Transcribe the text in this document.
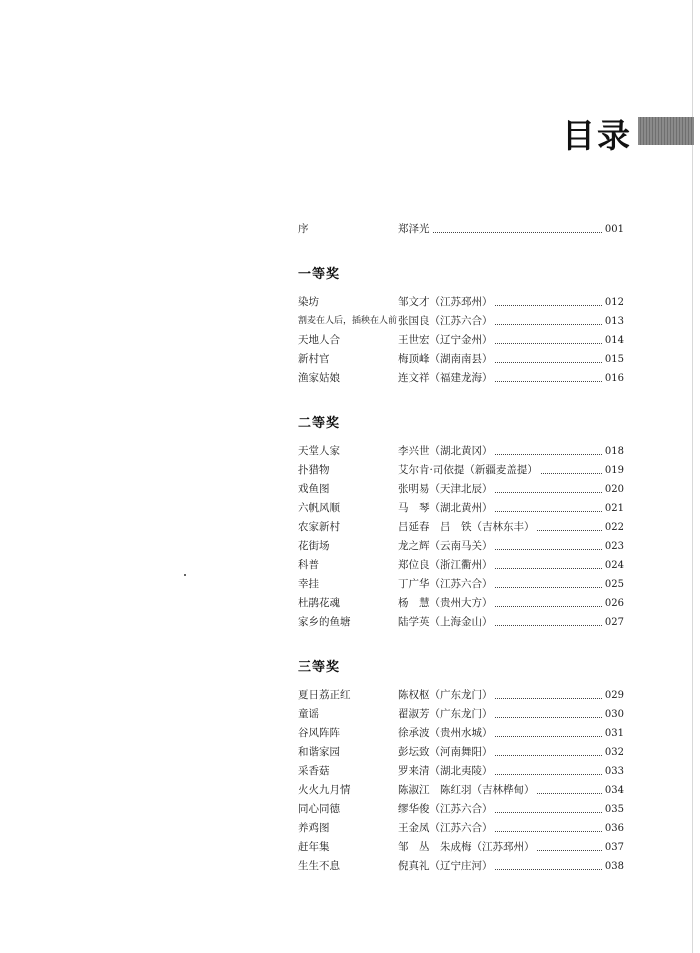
目录
序	郑泽光	001
一等奖
染坊	邹文才（江苏邳州）	012
割麦在人后，插秧在人前 张国良（江苏六合）	013
天地人合	王世宏（辽宁金州）	014
新村官	梅顶峰（湖南南县）	015
渔家姑娘	连文祥（福建龙海）	016
二等奖
天堂人家	李兴世（湖北黄冈）	018
扑猎物	艾尔肯·司依提（新疆麦盖提）	019
戏鱼图	张明易（天津北辰）	020
六帆风顺	马　琴（湖北黄州）	021
农家新村	吕延春　吕　铁（吉林东丰）	022
花街场	龙之辉（云南马关）	023
科普	郑位良（浙江衢州）	024
幸挂	丁广华（江苏六合）	025
杜鹃花魂	杨　慧（贵州大方）	026
家乡的鱼塘	陆学英（上海金山）	027
三等奖
夏日荔正红	陈权枢（广东龙门）	029
童谣	翟淑芳（广东龙门）	030
谷风阵阵	徐承波（贵州水城）	031
和谐家园	彭坛致（河南舞阳）	032
采香菇	罗来清（湖北夷陵）	033
火火九月情	陈淑江　陈红羽（吉林桦甸）	034
同心同德	缪华俊（江苏六合）	035
养鸡图	王金凤（江苏六合）	036
赶年集	邹　丛　朱成梅（江苏邳州）	037
生生不息	倪真礼（辽宁庄河）	038
